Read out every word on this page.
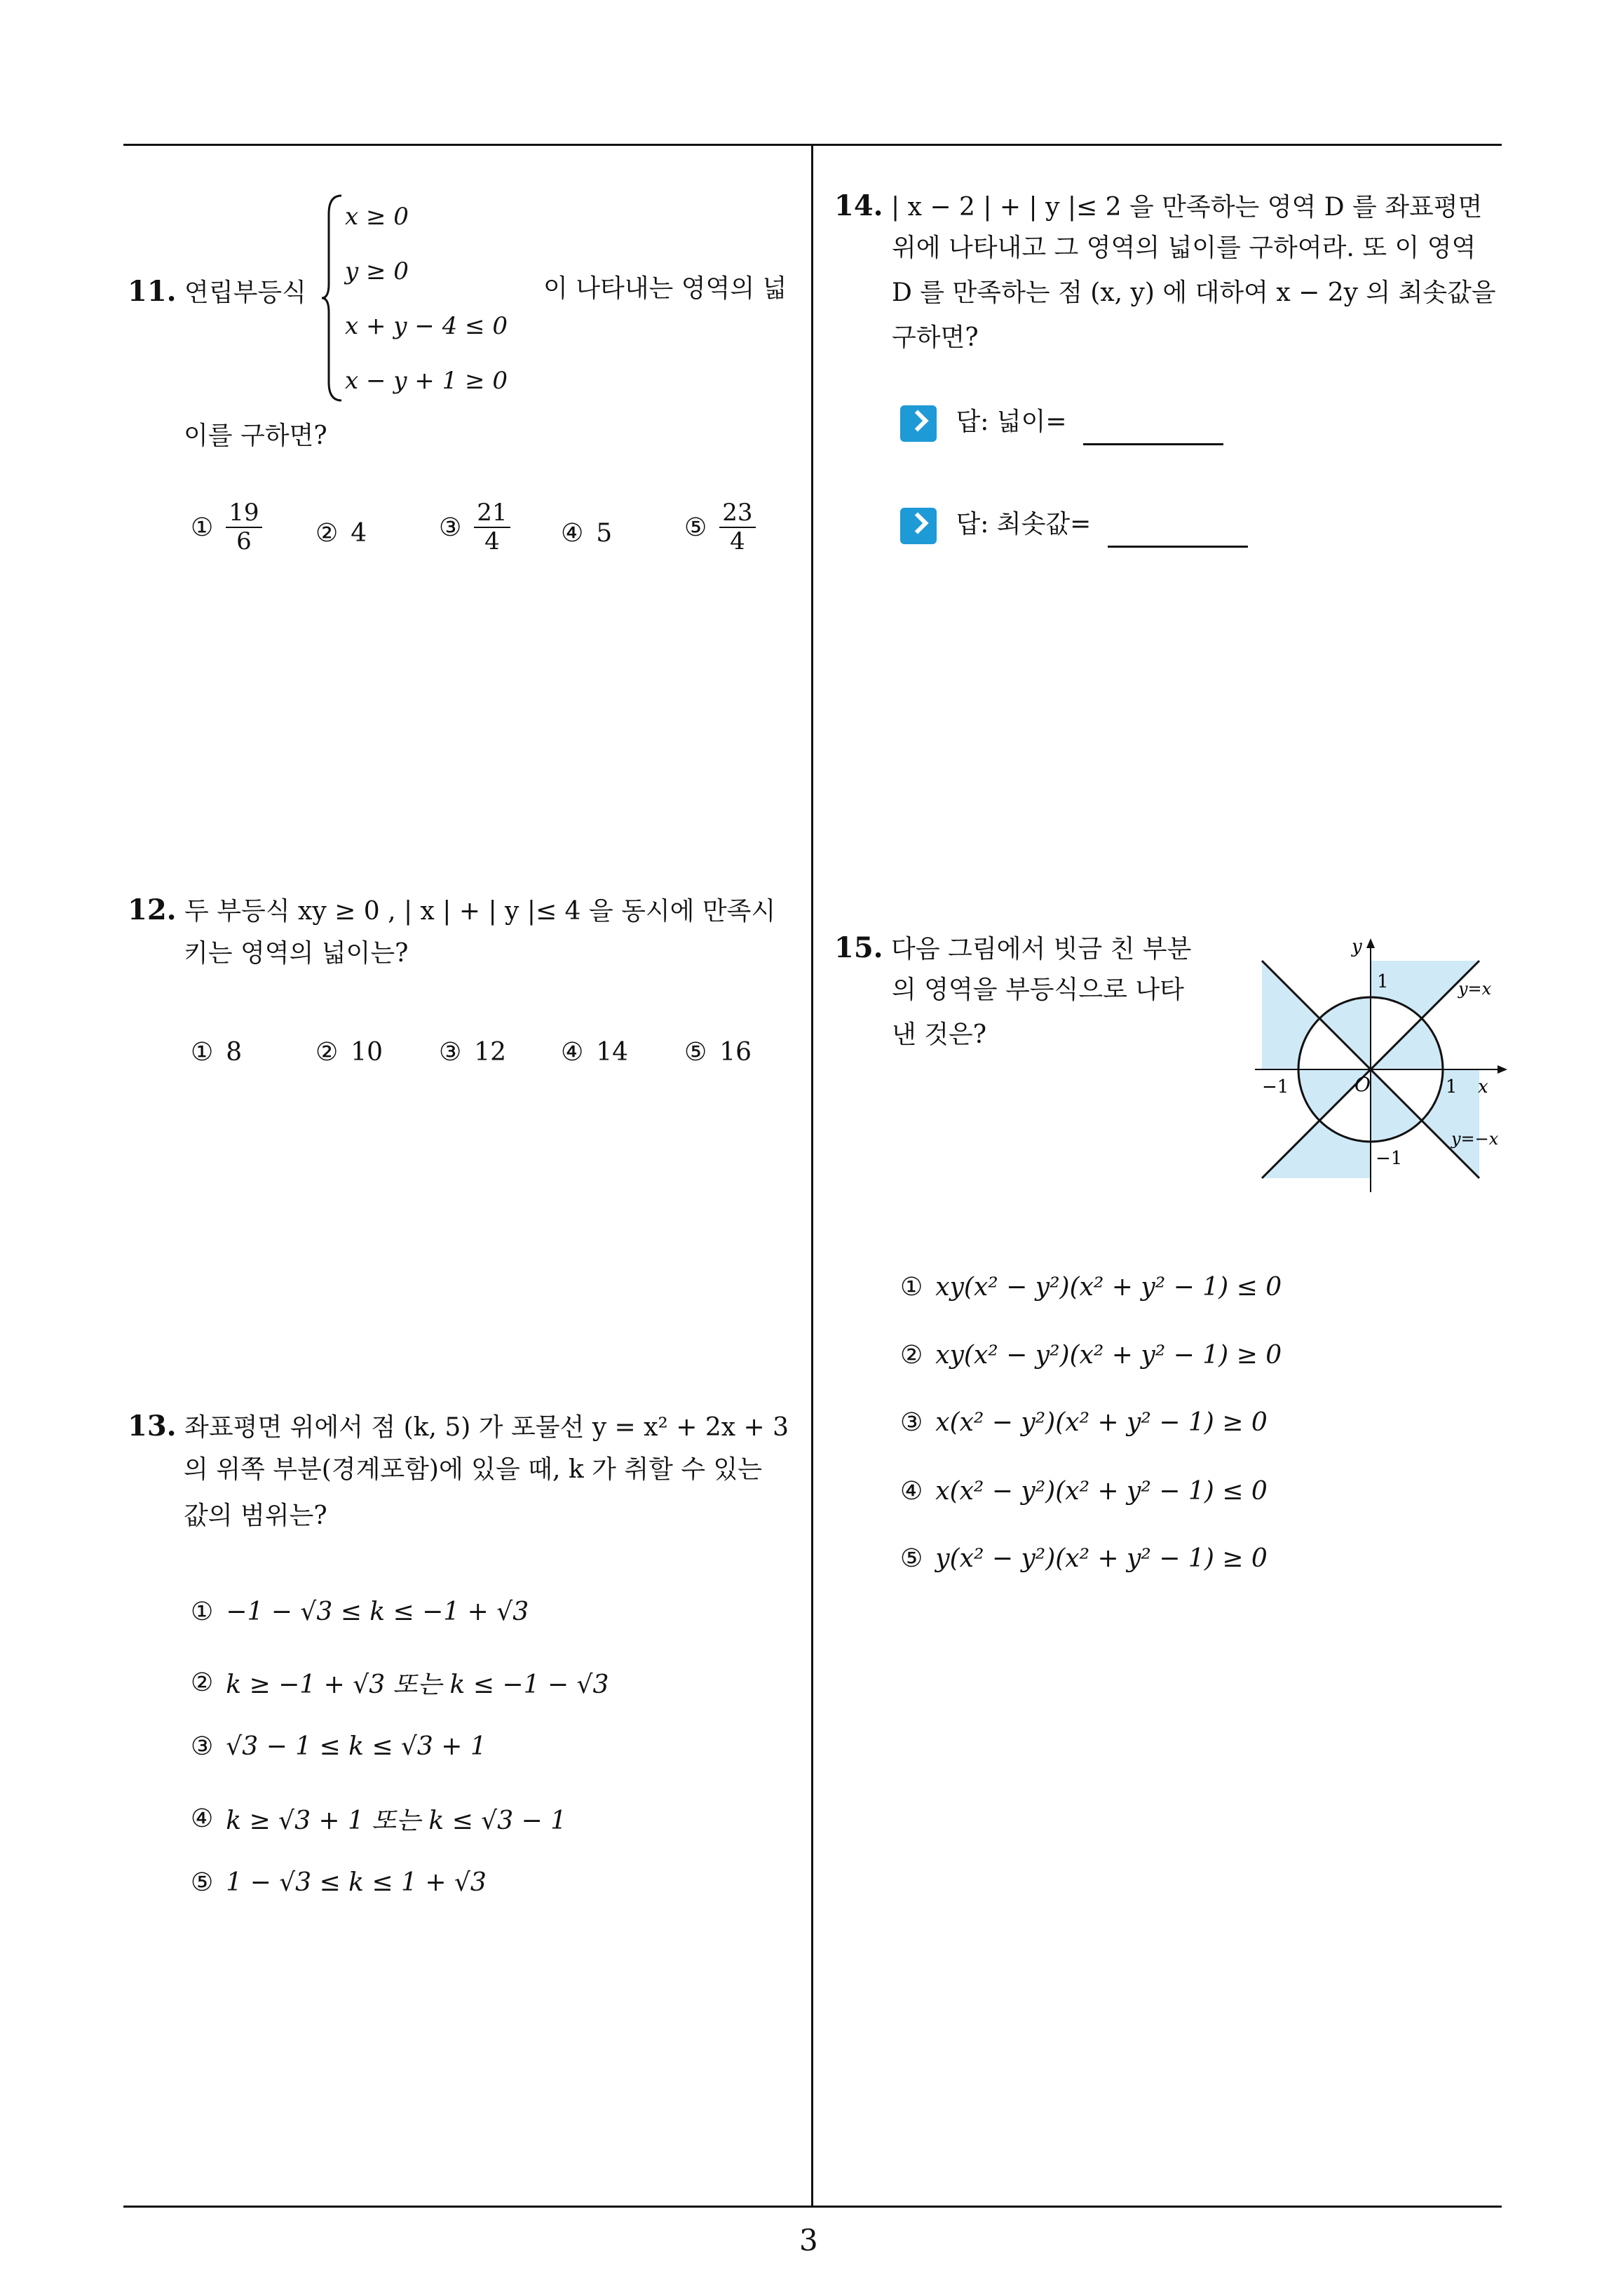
3
11. 연립부등식
x ≥ 0
y ≥ 0
x + y − 4 ≤ 0
x − y + 1 ≥ 0
이 나타내는 영역의 넓
이를 구하면?
① $\frac{19}{6}$ ② 4	③ $\frac{21}{4}$ ④ 5	⑤ $\frac{23}{4}$
12. 두 부등식 xy ≥ 0 , | x | + | y |≤ 4 을 동시에 만족시
키는 영역의 넓이는?
① 8	② 10 ③ 12 ④ 14 ⑤ 16
13. 좌표평면 위에서 점 (k, 5) 가 포물선 y = x² + 2x + 3
의 위쪽 부분(경계포함)에 있을 때, k 가 취할 수 있는
값의 범위는?
① −1 − √3 ≤ k ≤ −1 + √3
② k ≥ −1 + √3 또는 k ≤ −1 − √3
③ √3 − 1 ≤ k ≤ √3 + 1
④ k ≥ √3 + 1 또는 k ≤ √3 − 1
⑤ 1 − √3 ≤ k ≤ 1 + √3
14. | x − 2 | + | y |≤ 2 을 만족하는 영역 D 를 좌표평면
위에 나타내고 그 영역의 넓이를 구하여라. 또 이 영역
D 를 만족하는 점 (x, y) 에 대하여 x − 2y 의 최솟값을
구하면?
답: 넓이=
답: 최솟값=
15. 다음 그림에서 빗금 친 부분
의 영역을 부등식으로 나타
낸 것은?
y
x
O
1
−1
−1	1
y=x
y=−x
① xy(x² − y²)(x² + y² − 1) ≤ 0
② xy(x² − y²)(x² + y² − 1) ≥ 0
③ x(x² − y²)(x² + y² − 1) ≥ 0
④ x(x² − y²)(x² + y² − 1) ≤ 0
⑤ y(x² − y²)(x² + y² − 1) ≥ 0
